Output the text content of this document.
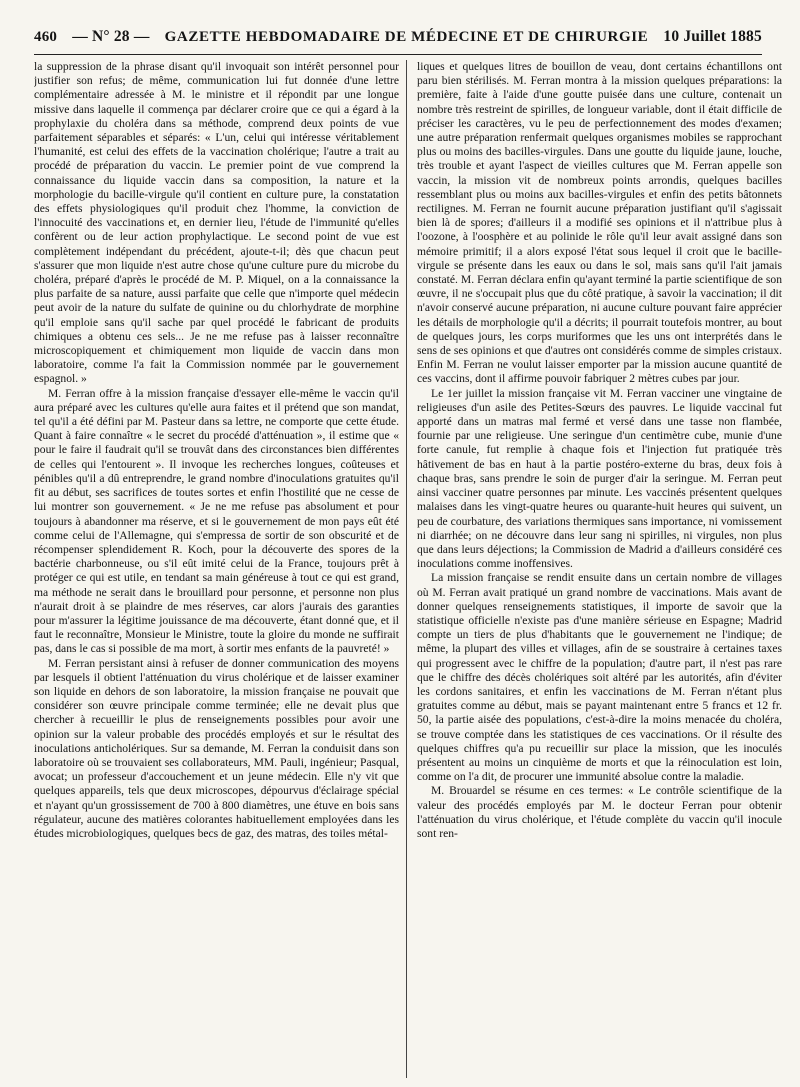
460 — N° 28 — GAZETTE HEBDOMADAIRE DE MÉDECINE ET DE CHIRURGIE 10 Juillet 1885

la suppression de la phrase disant qu'il invoquait son intérêt personnel pour justifier son refus; de même, communication lui fut donnée d'une lettre complémentaire adressée à M. le ministre et il répondit par une longue missive dans laquelle il commença par déclarer croire que ce qui a égard à la prophylaxie du choléra dans sa méthode, comprend deux points de vue parfaitement séparables et séparés: « L'un, celui qui intéresse véritablement l'humanité, est celui des effets de la vaccination cholérique; l'autre a trait au procédé de préparation du vaccin. Le premier point de vue comprend la connaissance du liquide vaccin dans sa composition, la nature et la morphologie du bacille-virgule qu'il contient en culture pure, la constatation des effets physiologiques qu'il produit chez l'homme, la conviction de l'innocuité des vaccinations et, en dernier lieu, l'étude de l'immunité qu'elles confèrent ou de leur action prophylactique. Le second point de vue est complètement indépendant du précédent, ajoute-t-il; dès que chacun peut s'assurer que mon liquide n'est autre chose qu'une culture pure du microbe du choléra, préparé d'après le procédé de M. P. Miquel, on a la connaissance la plus parfaite de sa nature, aussi parfaite que celle que n'importe quel médecin peut avoir de la nature du sulfate de quinine ou du chlorhydrate de morphine qu'il emploie sans qu'il sache par quel procédé le fabricant de produits chimiques a obtenu ces sels... Je ne me refuse pas à laisser reconnaître microscopiquement et chimiquement mon liquide de vaccin dans mon laboratoire, comme l'a fait la Commission nommée par le gouvernement espagnol. »

M. Ferran offre à la mission française d'essayer elle-même le vaccin qu'il aura préparé avec les cultures qu'elle aura faites et il prétend que son mandat, tel qu'il a été défini par M. Pasteur dans sa lettre, ne comporte que cette étude. Quant à faire connaître « le secret du procédé d'atténuation », il estime que « pour le faire il faudrait qu'il se trouvât dans des circonstances bien différentes de celles qui l'entourent ». Il invoque les recherches longues, coûteuses et pénibles qu'il a dû entreprendre, le grand nombre d'inoculations gratuites qu'il fit au début, ses sacrifices de toutes sortes et enfin l'hostilité que ne cesse de lui montrer son gouvernement. « Je ne me refuse pas absolument et pour toujours à abandonner ma réserve, et si le gouvernement de mon pays eût été comme celui de l'Allemagne, qui s'empressa de sortir de son obscurité et de récompenser splendidement R. Koch, pour la découverte des spores de la bactérie charbonneuse, ou s'il eût imité celui de la France, toujours prêt à protéger ce qui est utile, en tendant sa main généreuse à tout ce qui est grand, ma méthode ne serait dans le brouillard pour personne, et personne non plus n'aurait droit à se plaindre de mes réserves, car alors j'aurais des garanties pour m'assurer la légitime jouissance de ma découverte, étant donné que, et il faut le reconnaître, Monsieur le Ministre, toute la gloire du monde ne suffirait pas, dans le cas si possible de ma mort, à sortir mes enfants de la pauvreté! »

M. Ferran persistant ainsi à refuser de donner communication des moyens par lesquels il obtient l'atténuation du virus cholérique et de laisser examiner son liquide en dehors de son laboratoire, la mission française ne pouvait que considérer son œuvre principale comme terminée; elle ne devait plus que chercher à recueillir le plus de renseignements possibles pour avoir une opinion sur la valeur probable des procédés employés et sur le résultat des inoculations anticholériques. Sur sa demande, M. Ferran la conduisit dans son laboratoire où se trouvaient ses collaborateurs, MM. Pauli, ingénieur; Pasqual, avocat; un professeur d'accouchement et un jeune médecin. Elle n'y vit que quelques appareils, tels que deux microscopes, dépourvus d'éclairage spécial et n'ayant qu'un grossissement de 700 à 800 diamètres, une étuve en bois sans régulateur, aucune des matières colorantes habituellement employées dans les études microbiologiques, quelques becs de gaz, des matras, des toiles métal-

liques et quelques litres de bouillon de veau, dont certains échantillons ont paru bien stérilisés. M. Ferran montra à la mission quelques préparations: la première, faite à l'aide d'une goutte puisée dans une culture, contenait un nombre très restreint de spirilles, de longueur variable, dont il était difficile de préciser les caractères, vu le peu de perfectionnement des modes d'examen; une autre préparation renfermait quelques organismes mobiles se rapprochant plus ou moins des bacilles-virgules. Dans une goutte du liquide jaune, louche, très trouble et ayant l'aspect de vieilles cultures que M. Ferran appelle son vaccin, la mission vit de nombreux points arrondis, quelques bacilles ressemblant plus ou moins aux bacilles-virgules et enfin des petits bâtonnets rectilignes. M. Ferran ne fournit aucune préparation justifiant qu'il s'agissait bien là de spores; d'ailleurs il a modifié ses opinions et il n'attribue plus à l'oozone, à l'oosphère et au polinide le rôle qu'il leur avait assigné dans son mémoire primitif; il a alors exposé l'état sous lequel il croit que le bacille-virgule se présente dans les eaux ou dans le sol, mais sans qu'il l'ait jamais constaté. M. Ferran déclara enfin qu'ayant terminé la partie scientifique de son œuvre, il ne s'occupait plus que du côté pratique, à savoir la vaccination; il dit n'avoir conservé aucune préparation, ni aucune culture pouvant faire apprécier les détails de morphologie qu'il a décrits; il pourrait toutefois montrer, au bout de quelques jours, les corps muriformes que les uns ont interprétés dans le sens de ses opinions et que d'autres ont considérés comme de simples cristaux. Enfin M. Ferran ne voulut laisser emporter par la mission aucune quantité de ces vaccins, dont il affirme pouvoir fabriquer 2 mètres cubes par jour.

Le 1er juillet la mission française vit M. Ferran vacciner une vingtaine de religieuses d'un asile des Petites-Sœurs des pauvres. Le liquide vaccinal fut apporté dans un matras mal fermé et versé dans une tasse non flambée, fournie par une religieuse. Une seringue d'un centimètre cube, munie d'une forte canule, fut remplie à chaque fois et l'injection fut pratiquée très hâtivement de bas en haut à la partie postéro-externe du bras, deux fois à chaque bras, sans prendre le soin de purger d'air la seringue. M. Ferran peut ainsi vacciner quatre personnes par minute. Les vaccinés présentent quelques malaises dans les vingt-quatre heures ou quarante-huit heures qui suivent, un peu de courbature, des variations thermiques sans importance, ni vomissement ni diarrhée; on ne découvre dans leur sang ni spirilles, ni virgules, non plus que dans leurs déjections; la Commission de Madrid a d'ailleurs considéré ces inoculations comme inoffensives.

La mission française se rendit ensuite dans un certain nombre de villages où M. Ferran avait pratiqué un grand nombre de vaccinations. Mais avant de donner quelques renseignements statistiques, il importe de savoir que la statistique officielle n'existe pas d'une manière sérieuse en Espagne; Madrid compte un tiers de plus d'habitants que le gouvernement ne l'indique; de même, la plupart des villes et villages, afin de se soustraire à certaines taxes qui progressent avec le chiffre de la population; d'autre part, il n'est pas rare que le chiffre des décès cholériques soit altéré par les autorités, afin d'éviter les cordons sanitaires, et enfin les vaccinations de M. Ferran n'étant plus gratuites comme au début, mais se payant maintenant entre 5 francs et 12 fr. 50, la partie aisée des populations, c'est-à-dire la moins menacée du choléra, se trouve comptée dans les statistiques de ces vaccinations. Or il résulte des quelques chiffres qu'a pu recueillir sur place la mission, que les inoculés présentent au moins un cinquième de morts et que la réinoculation est loin, comme on l'a dit, de procurer une immunité absolue contre la maladie.

M. Brouardel se résume en ces termes: « Le contrôle scientifique de la valeur des procédés employés par M. le docteur Ferran pour obtenir l'atténuation du virus cholérique, et l'étude complète du vaccin qu'il inocule sont ren-
